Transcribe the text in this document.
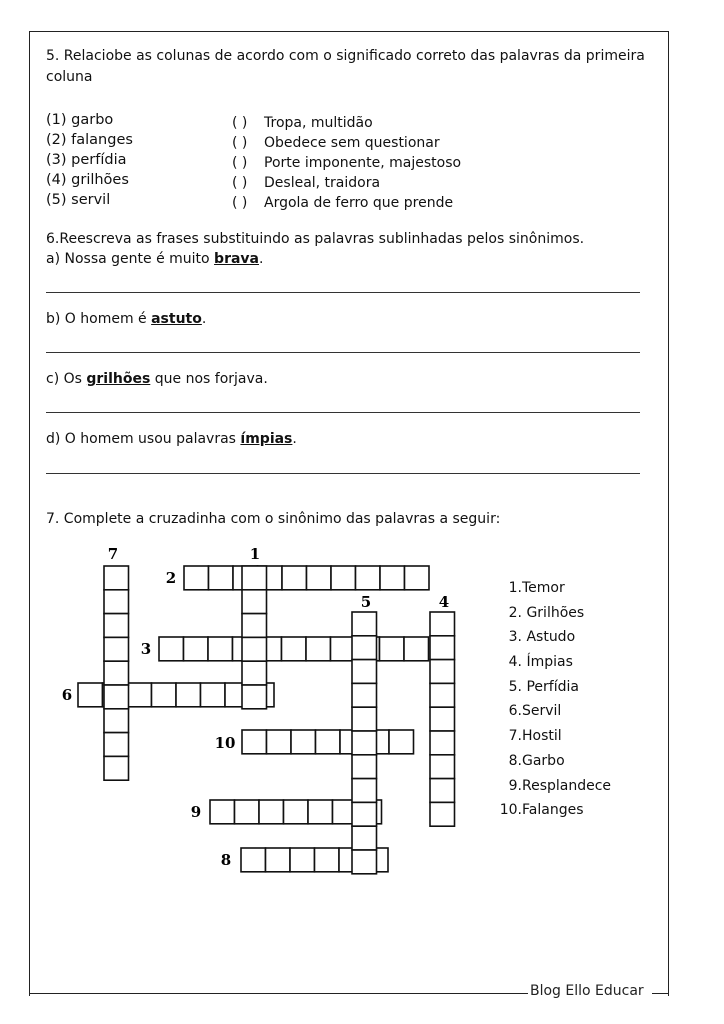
Blog Ello Educar
5. Relaciobe as colunas de acordo com o significado correto das palavras da primeira coluna
(1) garbo
(2) falanges
(3) perfídia
(4) grilhões
(5) servil
( ) Tropa, multidão
( ) Obedece sem questionar
( ) Porte imponente, majestoso
( ) Desleal, traidora
( ) Argola de ferro que prende
6.Reescreva as frases substituindo as palavras sublinhadas pelos sinônimos.
a) Nossa gente é muito brava.
b) O homem é astuto.
c) Os grilhões que nos forjava.
d) O homem usou palavras ímpias.
7. Complete a cruzadinha com o sinônimo das palavras a seguir:
7	1
2
5	4
3
6
10
9
8
1.Temor
2. Grilhões
3. Astudo
4. Ímpias
5. Perfídia
6.Servil
7.Hostil
8.Garbo
9.Resplandece
10.Falanges
